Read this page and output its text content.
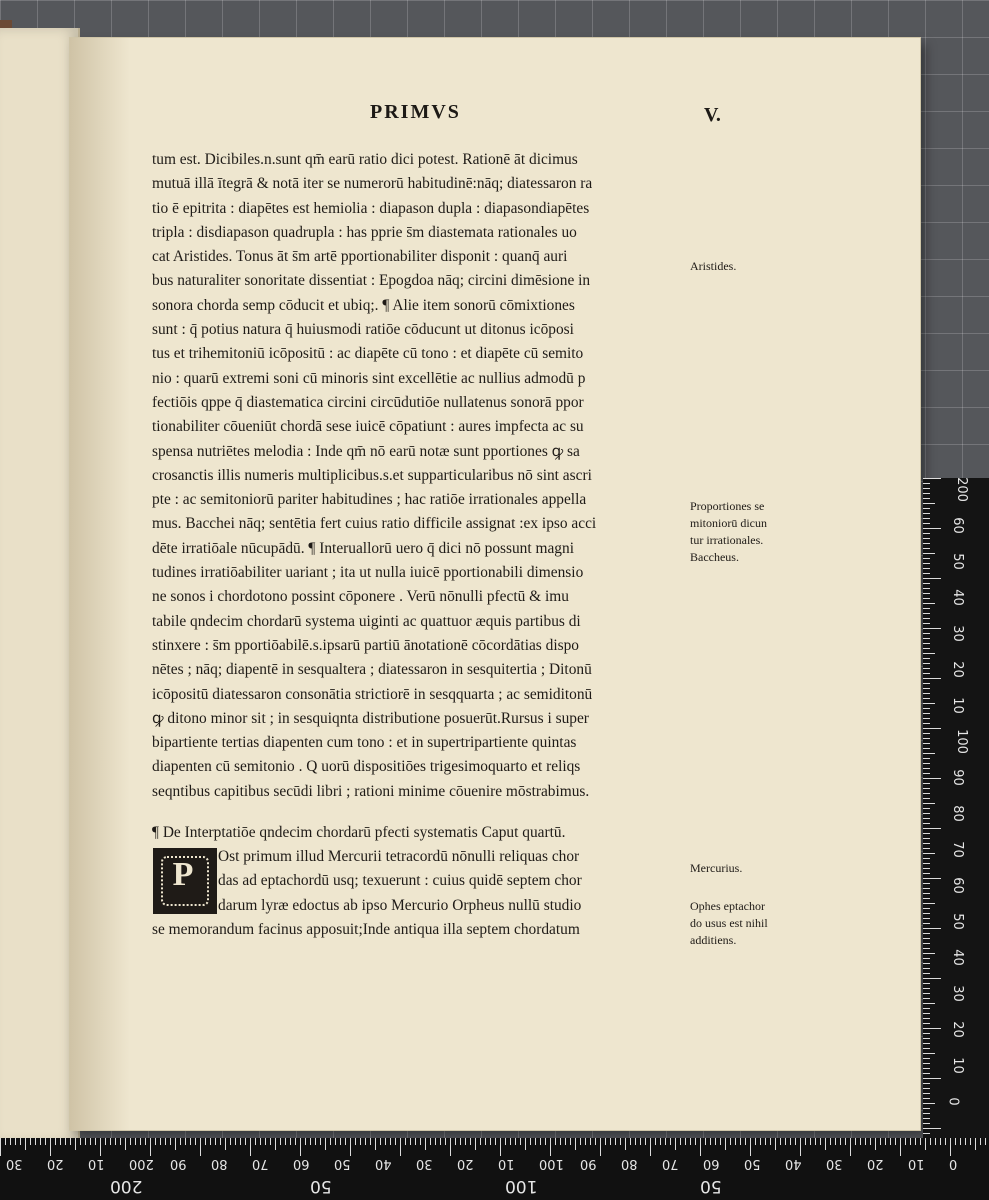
PRIMVS	V.
tum est. Dicibiles.n.sunt qm̄ earū ratio dici potest. Rationē āt dicimus
mutuā illā ītegrā & notā iter se numerorū habitudinē:nāq; diatessaron ra
tio ē epitrita : diapētes est hemiolia : diapason dupla : diapasondiapētes
tripla : disdiapason quadrupla : has pprie s̄m diastemata rationales uo
cat Aristides. Tonus āt s̄m artē pportionabiliter disponit : quanq̄ auri
bus naturaliter sonoritate dissentiat : Epogdoa nāq; circini dimēsione in
sonora chorda semp cōducit et ubiq;. ¶ Alie item sonorū cōmixtiones
sunt : q̄ potius natura q̄ huiusmodi ratiōe cōducunt ut ditonus icōposi
tus et trihemitoniū icōpositū : ac diapēte cū tono : et diapēte cū semito
nio : quarū extremi soni cū minoris sint excellētie ac nullius admodū p
fectiōis qppe q̄ diastematica circini circūdutiōe nullatenus sonorā ppor
tionabiliter cōueniūt chordā sese iuicē cōpatiunt : aures impfecta ac su
spensa nutriētes melodia : Inde qm̄ nō earū notæ sunt pportiones ꝙ sa
crosanctis illis numeris multiplicibus.s.et supparticularibus nō sint ascri
pte : ac semitoniorū pariter habitudines ; hac ratiōe irrationales appella
mus. Bacchei nāq; sentētia fert cuius ratio difficile assignat :ex ipso acci
dēte irratiōale nūcupādū. ¶ Interuallorū uero q̄ dici nō possunt magni
tudines irratiōabiliter uariant ; ita ut nulla iuicē pportionabili dimensio
ne sonos i chordotono possint cōponere . Verū nōnulli pfectū & imu
tabile qndecim chordarū systema uiginti ac quattuor æquis partibus di
stinxere : s̄m pportiōabilē.s.ipsarū partiū ānotationē cōcordātias dispo
nētes ; nāq; diapentē in sesqualtera ; diatessaron in sesquitertia ; Ditonū
icōpositū diatessaron consonātia strictiorē in sesqquarta ; ac semiditonū
ꝙ ditono minor sit ; in sesquiqnta distributione posuerūt.Rursus i super
bipartiente tertias diapenten cum tono : et in supertripartiente quintas
diapenten cū semitonio . Q uorū dispositiōes trigesimoquarto et reliqs
seqntibus capitibus secūdi libri ; rationi minime cōuenire mōstrabimus.
¶ De Interptatiōe qndecim chordarū pfecti systematis Caput quartū.
P	Ost primum illud Mercurii tetracordū nōnulli reliquas chor
das ad eptachordū usq; texuerunt : cuius quidē septem chor
darum lyræ edoctus ab ipso Mercurio Orpheus nullū studio
se memorandum facinus apposuit;Inde antiqua illa septem chordatum
Aristides.
Proportiones se
mitoniorū dicun
tur irrationales.
Baccheus.
Mercurius.
Ophes eptachor
do usus est nihil
additiens.
200
60
50
40
30
20
10
100
90
80
70
60
50
40
30
20
10
0
30 20 10 200 90 80 70 60 50 40 30 20 10 100 90 80 70 60 50 40 30 20 10 0
200	50	100	50
